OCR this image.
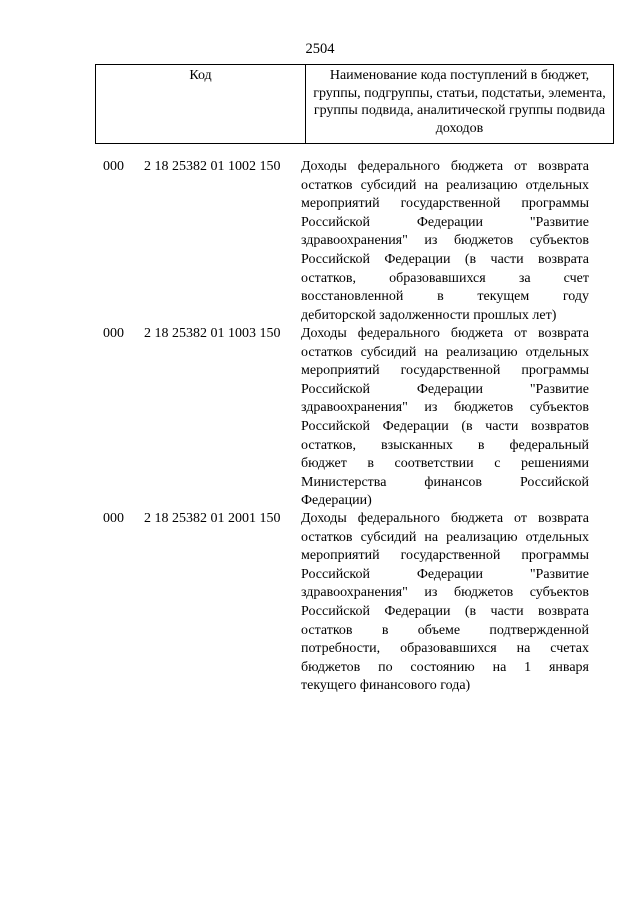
2504
Код	Наименование кода поступлений в бюджет, группы, подгруппы, статьи, подстатьи, элемента, группы подвида, аналитической группы подвида доходов
000 2 18 25382 01 1002 150 Доходы федерального бюджета от возврата
остатков субсидий на реализацию отдельных
мероприятий государственной программы
Российской Федерации "Развитие
здравоохранения" из бюджетов субъектов
Российской Федерации (в части возврата
остатков, образовавшихся за счет
восстановленной в текущем году
дебиторской задолженности прошлых лет)
000 2 18 25382 01 1003 150 Доходы федерального бюджета от возврата
остатков субсидий на реализацию отдельных
мероприятий государственной программы
Российской Федерации "Развитие
здравоохранения" из бюджетов субъектов
Российской Федерации (в части возвратов
остатков, взысканных в федеральный
бюджет в соответствии с решениями
Министерства финансов Российской
Федерации)
000 2 18 25382 01 2001 150 Доходы федерального бюджета от возврата
остатков субсидий на реализацию отдельных
мероприятий государственной программы
Российской Федерации "Развитие
здравоохранения" из бюджетов субъектов
Российской Федерации (в части возврата
остатков в объеме подтвержденной
потребности, образовавшихся на счетах
бюджетов по состоянию на 1 января
текущего финансового года)
